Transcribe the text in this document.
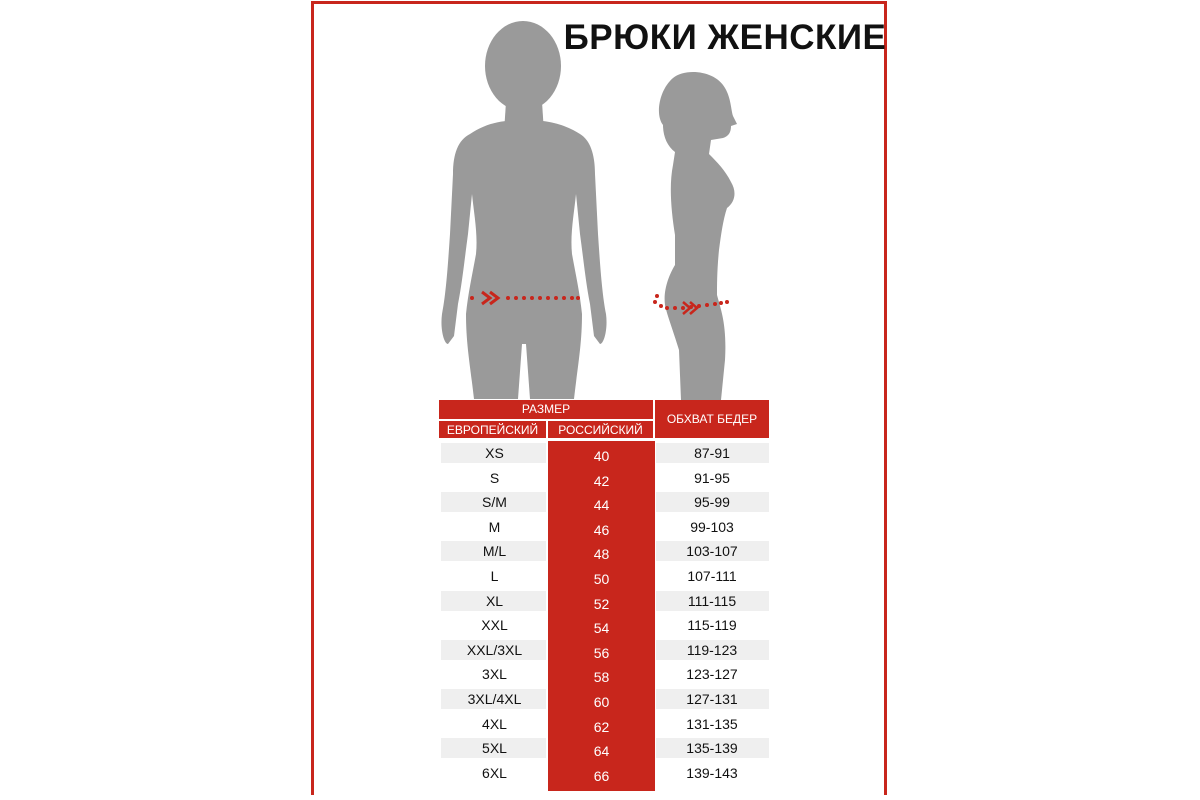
БРЮКИ ЖЕНСКИЕ
РАЗМЕР
ЕВРОПЕЙСКИЙ	РОССИЙСКИЙ
ОБХВАТ БЕДЕР
XS	40	87-91
S	42	91-95
S/M	44	95-99
M	46	99-103
M/L	48	103-107
L	50	107-111
XL	52	111-115
XXL	54	115-119
XXL/3XL	56	119-123
3XL	58	123-127
3XL/4XL	60	127-131
4XL	62	131-135
5XL	64	135-139
6XL	66	139-143
